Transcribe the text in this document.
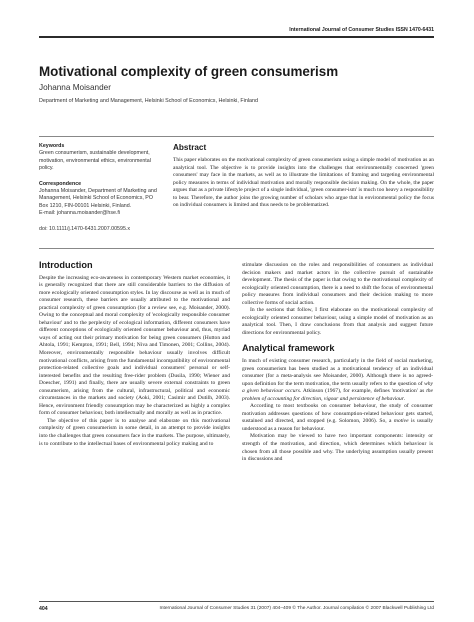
International Journal of Consumer Studies ISSN 1470-6431
Motivational complexity of green consumerism
Johanna Moisander
Department of Marketing and Management, Helsinki School of Economics, Helsinki, Finland
Keywords
Green consumerism, sustainable development, motivation, environmental ethics, environmental policy.
Correspondence
Johanna Moisander, Department of Marketing and Management, Helsinki School of Economics, PO Box 1210, FIN-00101 Helsinki, Finland.
E-mail: johanna.moisander@hse.fi
doi: 10.1111/j.1470-6431.2007.00595.x
Abstract

This paper elaborates on the motivational complexity of green consumerism using a simple model of motivation as an analytical tool. The objective is to provide insights into the challenges that environmentally concerned 'green consumers' may face in the markets, as well as to illustrate the limitations of framing and targeting environmental policy measures in terms of individual motivation and morally responsible decision making. On the whole, the paper argues that as a private lifestyle project of a single individual, 'green consumer-ism' is much too heavy a responsibility to bear. Therefore, the author joins the growing number of scholars who argue that in environmental policy the focus on individual consumers is limited and thus needs to be problematized.

Introduction

Despite the increasing eco-awareness in contemporary Western market economies, it is generally recognized that there are still considerable barriers to the diffusion of more ecologically oriented consumption styles. In lay discourse as well as in much of consumer research, these barriers are usually attributed to the motivational and practical complexity of green consumption (for a review see, e.g. Moisander, 2000). Owing to the conceptual and moral complexity of 'ecologically responsible consumer behaviour' and to the perplexity of ecological information, different consumers have different conceptions of ecologically oriented consumer behaviour and, thus, myriad ways of acting out their primary motivation for being green consumers (Hutton and Ahtola, 1991; Kempton, 1991; Bell, 1994; Niva and Timonen, 2001; Collins, 2004). Moreover, environmentally responsible behaviour usually involves difficult motivational conflicts, arising from the fundamental incompatibility of environmental protection-related collective goals and individual consumers' personal or self-interested benefits and the resulting free-rider problem (Dusila, 1990; Wiener and Doescher, 1991) and finally, there are usually severe external constraints to green consumerism, arising from the cultural, infrastructural, political and economic circumstances in the markets and society (Aoki, 2001; Casimir and Dutilh, 2003). Hence, environment friendly consumption may be characterized as highly a complex form of consumer behaviour, both intellectually and morally as well as in practice.

The objective of this paper is to analyse and elaborate on this motivational complexity of green consumerism in some detail, in an attempt to provide insights into the challenges that green consumers face in the markets. The purpose, ultimately, is to contribute to the intellectual bases of environmental policy making and to

stimulate discussion on the roles and responsibilities of consumers as individual decision makers and market actors in the collective pursuit of sustainable development. The thesis of the paper is that owing to the motivational complexity of ecologically oriented consumption, there is a need to shift the focus of environmental policy measures from individual consumers and their decision making to more collective forms of social action.

In the sections that follow, I first elaborate on the motivational complexity of ecologically oriented consumer behaviour, using a simple model of motivation as an analytical tool. Then, I draw conclusions from that analysis and suggest future directions for environmental policy.

Analytical framework

In much of existing consumer research, particularly in the field of social marketing, green consumerism has been studied as a motivational tendency of an individual consumer (for a meta-analysis see Moisander, 2000). Although there is no agreed-upon definition for the term motivation, the term usually refers to the question of why a given behaviour occurs. Atkinson (1967), for example, defines 'motivation' as the problem of accounting for direction, vigour and persistence of behaviour.

According to most textbooks on consumer behaviour, the study of consumer motivation addresses questions of how consumption-related behaviour gets started, sustained and directed, and stopped (e.g. Solomon, 2006). So, a motive is usually understood as a reason for behaviour.

Motivation may be viewed to have two important components: intensity or strength of the motivation, and direction, which determines which behaviour is chosen from all those possible and why. The underlying assumption usually present in discussions and

404	International Journal of Consumer Studies 31 (2007) 404–409 © The Author. Journal compilation © 2007 Blackwell Publishing Ltd
